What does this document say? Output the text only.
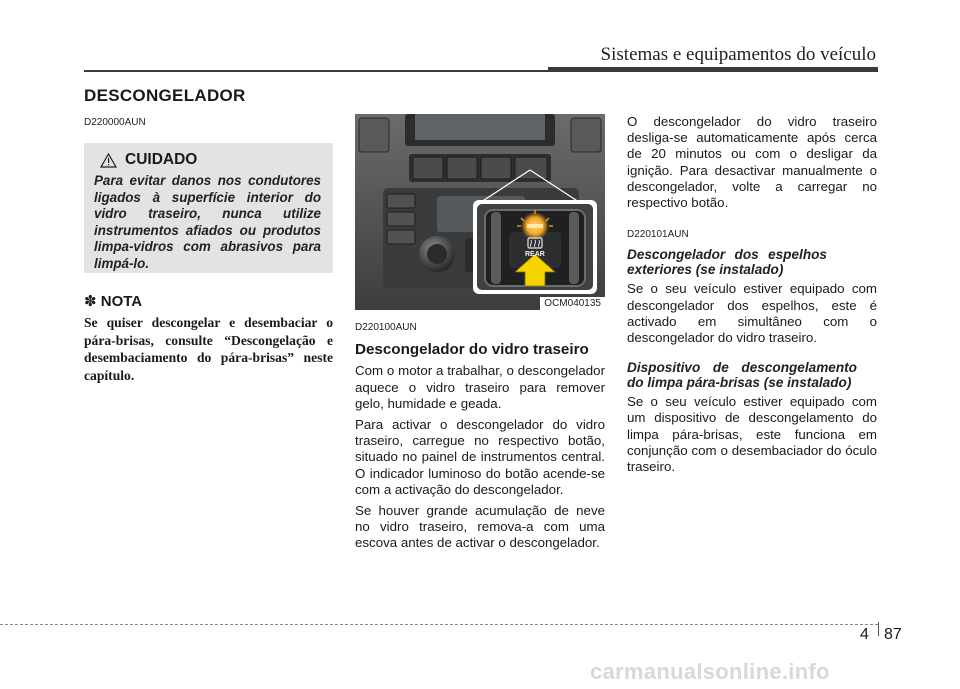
Sistemas e equipamentos do veículo
DESCONGELADOR
D220000AUN
CUIDADO
Para evitar danos nos condutores ligados à superfície interior do vidro traseiro, nunca utilize instrumentos afiados ou produtos limpa-vidros com abrasivos para limpá-lo.
✽ NOTA
Se quiser descongelar e desembaciar o pára-brisas, consulte “Descongelação e desembaciamento do pára-brisas” neste capítulo.
REAR
OCM040135
D220100AUN
Descongelador do vidro traseiro

Com o motor a trabalhar, o descongelador aquece o vidro traseiro para remover gelo, humidade e geada.

Para activar o descongelador do vidro traseiro, carregue no respectivo botão, situado no painel de instrumentos central. O indicador luminoso do botão acende-se com a activação do descongelador.

Se houver grande acumulação de neve no vidro traseiro, remova-a com uma escova antes de activar o descongelador.

O descongelador do vidro traseiro desliga-se automaticamente após cerca de 20 minutos ou com o desligar da ignição. Para desactivar manualmente o descongelador, volte a carregar no respectivo botão.

D220101AUN
Descongelador dos espelhos exteriores (se instalado)

Se o seu veículo estiver equipado com descongelador dos espelhos, este é activado em simultâneo com o descongelador do vidro traseiro.

Dispositivo de descongelamento do limpa pára-brisas (se instalado)

Se o seu veículo estiver equipado com um dispositivo de descongelamento do limpa pára-brisas, este funciona em conjunção com o desembaciador do óculo traseiro.

4 87
carmanualsonline.info
